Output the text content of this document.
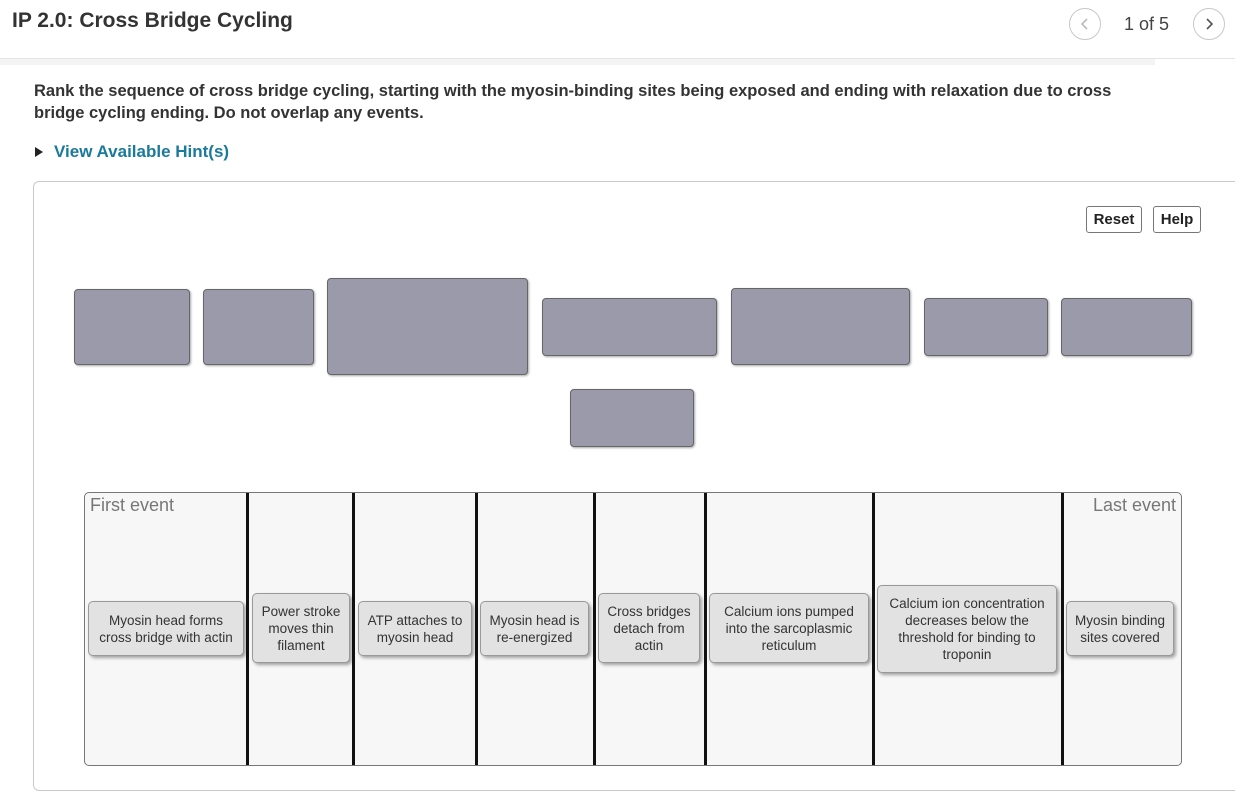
IP 2.0: Cross Bridge Cycling	1 of 5
Rank the sequence of cross bridge cycling, starting with the myosin-binding sites being exposed and ending with relaxation due to cross bridge cycling ending. Do not overlap any events.
View Available Hint(s)
Reset	Help
First event	Last event
Myosin head forms cross bridge with actin
Power stroke moves thin filament
ATP attaches to myosin head
Myosin head is re-energized
Cross bridges detach from actin
Calcium ions pumped into the sarcoplasmic reticulum
Calcium ion concentration decreases below the threshold for binding to troponin
Myosin binding sites covered
